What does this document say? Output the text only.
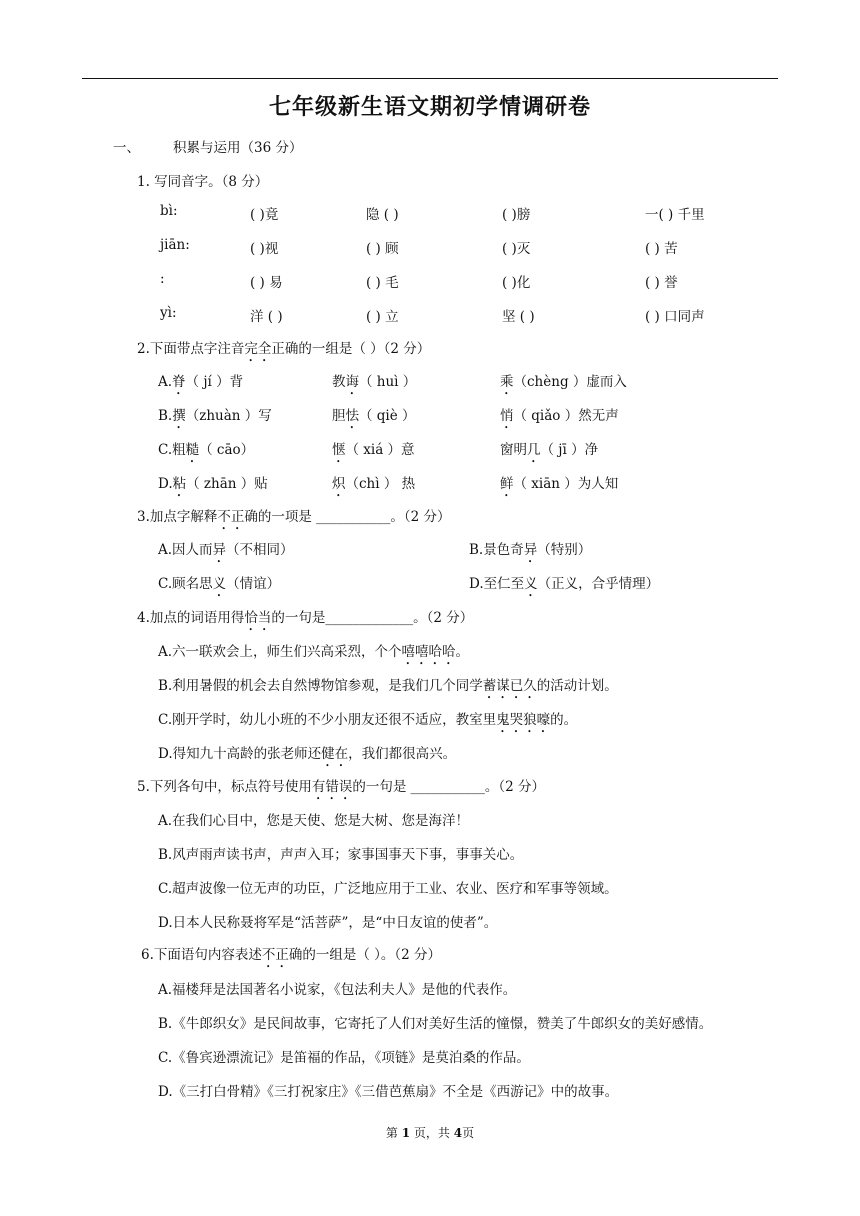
七年级新生语文期初学情调研卷
一、 积累与运用（36 分）
1. 写同音字。（8 分）
bì:	( )竟	隐 ( )	( )膀	一( ) 千里
jiān:	( )视	( ) 顾	( )灭	( ) 苦
:	( ) 易	( ) 毛	( )化	( ) 誉
yì:	洋 ( )	( ) 立	坚 ( )	( ) 口同声
2.下面带点字注音完全正确的一组是（ ）（2 分）
A.脊（ jí ）背	教诲（ huì ）	乘（chèng ）虚而入
B.撰（zhuàn ）写	胆怯（ qiè ）	悄（ qiǎo ）然无声
C.粗糙（ cāo）	惬（ xiá ）意	窗明几（ jī ）净
D.粘（ zhān ）贴	炽（chì ） 热	鲜（ xiān ）为人知
3.加点字解释不正确的一项是 ___________。（2 分）
A.因人而异（不相同）	B.景色奇异（特别）
C.顾名思义（情谊）	D.至仁至义（正义，合乎情理）
4.加点的词语用得恰当的一句是_____________。（2 分）
A.六一联欢会上，师生们兴高采烈，个个嘻嘻哈哈。
B.利用暑假的机会去自然博物馆参观，是我们几个同学蓄谋已久的活动计划。
C.刚开学时，幼儿小班的不少小朋友还很不适应，教室里鬼哭狼嚎的。
D.得知九十高龄的张老师还健在，我们都很高兴。
5.下列各句中，标点符号使用有错误的一句是 ___________。（2 分）
A.在我们心目中，您是天使、您是大树、您是海洋！
B.风声雨声读书声，声声入耳；家事国事天下事，事事关心。
C.超声波像一位无声的功臣，广泛地应用于工业、农业、医疗和军事等领域。
D.日本人民称聂将军是“活菩萨”，是“中日友谊的使者”。
6.下面语句内容表述不正确的一组是（ ）。（2 分）
A.福楼拜是法国著名小说家，《包法利夫人》是他的代表作。
B.《牛郎织女》是民间故事，它寄托了人们对美好生活的憧憬，赞美了牛郎织女的美好感情。
C.《鲁宾逊漂流记》是笛福的作品，《项链》是莫泊桑的作品。
D.《三打白骨精》《三打祝家庄》《三借芭蕉扇》不全是《西游记》中的故事。
第 1 页，共 4页
